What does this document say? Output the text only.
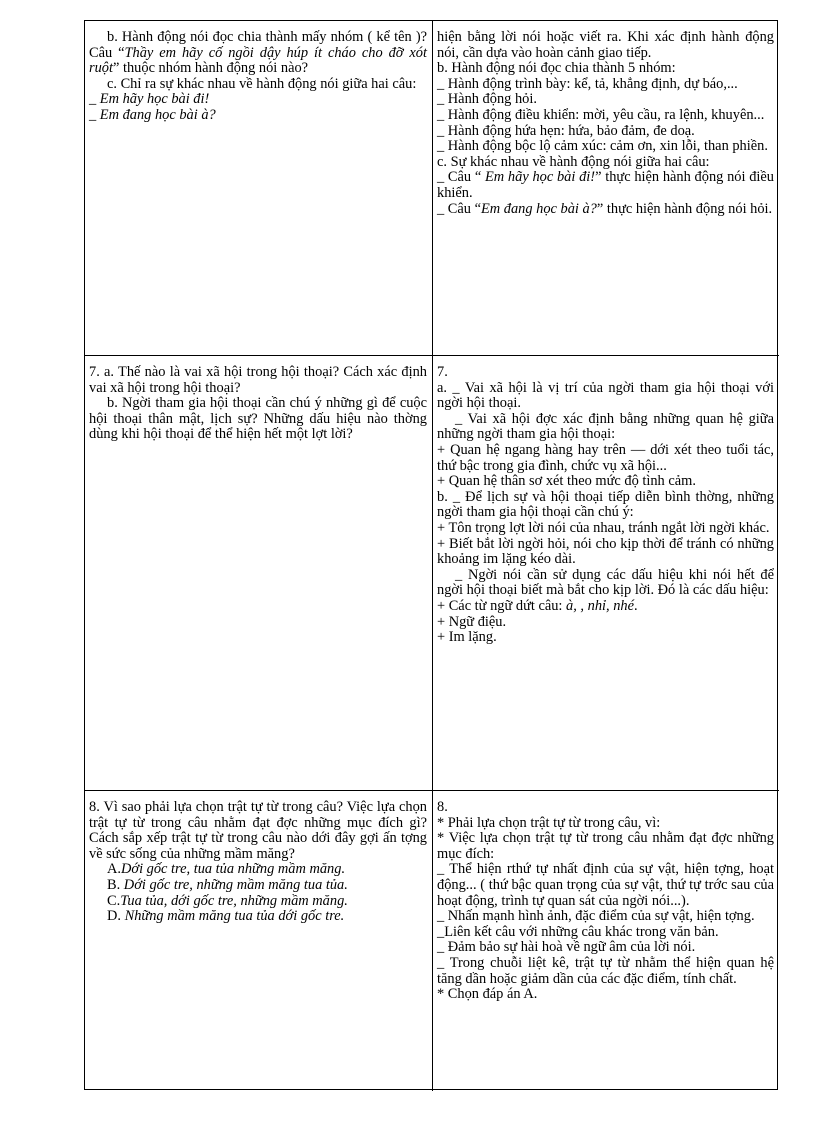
b. Hành động nói đọc chia thành mấy nhóm ( kể tên )? Câu “Thầy em hãy cố ngồi dậy húp ít cháo cho đỡ xót ruột” thuộc nhóm hành động nói nào?

c. Chỉ ra sự khác nhau về hành động nói giữa hai câu:

_ Em hãy học bài đi!

_ Em đang học bài à?

hiện bằng lời nói hoặc viết ra. Khi xác định hành động nói, cần dựa vào hoàn cảnh giao tiếp.

b. Hành động nói đọc chia thành 5 nhóm:

_ Hành động trình bày: kể, tả, khẳng định, dự báo,...

_ Hành động hỏi.

_ Hành động điều khiển: mời, yêu cầu, ra lệnh, khuyên...

_ Hành động hứa hẹn: hứa, bảo đảm, đe doạ.

_ Hành động bộc lộ cảm xúc: cảm ơn, xin lỗi, than phiền.

c. Sự khác nhau về hành động nói giữa hai câu:

_ Câu “ Em hãy học bài đi!” thực hiện hành động nói điều khiển.

_ Câu “Em đang học bài à?” thực hiện hành động nói hỏi.

7. a. Thế nào là vai xã hội trong hội thoại? Cách xác định vai xã hội trong hội thoại?

b. Ngời tham gia hội thoại cần chú ý những gì để cuộc hội thoại thân mật, lịch sự? Những dấu hiệu nào thờng dùng khi hội thoại để thể hiện hết một lợt lời?

7.

a. _ Vai xã hội là vị trí của ngời tham gia hội thoại với ngời hội thoại.

_ Vai xã hội đợc xác định bằng những quan hệ giữa những ngời tham gia hội thoại:

+ Quan hệ ngang hàng hay trên — dới xét theo tuổi tác, thứ bậc trong gia đình, chức vụ xã hội...

+ Quan hệ thân sơ xét theo mức độ tình cảm.

b. _ Để lịch sự và hội thoại tiếp diễn bình thờng, những ngời tham gia hội thoại cần chú ý:

+ Tôn trọng lợt lời nói của nhau, tránh ngắt lời ngời khác.

+ Biết bắt lời ngời hỏi, nói cho kịp thời để tránh có những khoảng im lặng kéo dài.

_ Ngời nói cần sử dụng các dấu hiệu khi nói hết để ngời hội thoại biết mà bắt cho kịp lời. Đó là các dấu hiệu:

+ Các từ ngữ dứt câu: à, , nhỉ, nhé.

+ Ngữ điệu.

+ Im lặng.

8. Vì sao phải lựa chọn trật tự từ trong câu? Việc lựa chọn trật tự từ trong câu nhằm đạt đợc những mục đích gì? Cách sắp xếp trật tự từ trong câu nào dới đây gợi ấn tợng về sức sống của những mầm măng?

A.Dới gốc tre, tua tủa những mầm măng.

B. Dới gốc tre, những mầm măng tua tủa.

C.Tua tủa, dới gốc tre, những mầm măng.

D. Những mầm măng tua tủa dới gốc tre.

8.

* Phải lựa chọn trật tự từ trong câu, vì:

* Việc lựa chọn trật tự từ trong câu nhằm đạt đợc những mục đích:

_ Thể hiện rthứ tự nhất định của sự vật, hiện tợng, hoạt động... ( thứ bậc quan trọng của sự vật, thứ tự trớc sau của hoạt động, trình tự quan sát của ngời nói...).

_ Nhấn mạnh hình ảnh, đặc điểm của sự vật, hiện tợng.

_Liên kết câu với những câu khác trong văn bản.

_ Đảm bảo sự hài hoà về ngữ âm của lời nói.

_ Trong chuỗi liệt kê, trật tự từ nhằm thể hiện quan hệ tăng dần hoặc giảm dần của các đặc điểm, tính chất.

* Chọn đáp án A.
